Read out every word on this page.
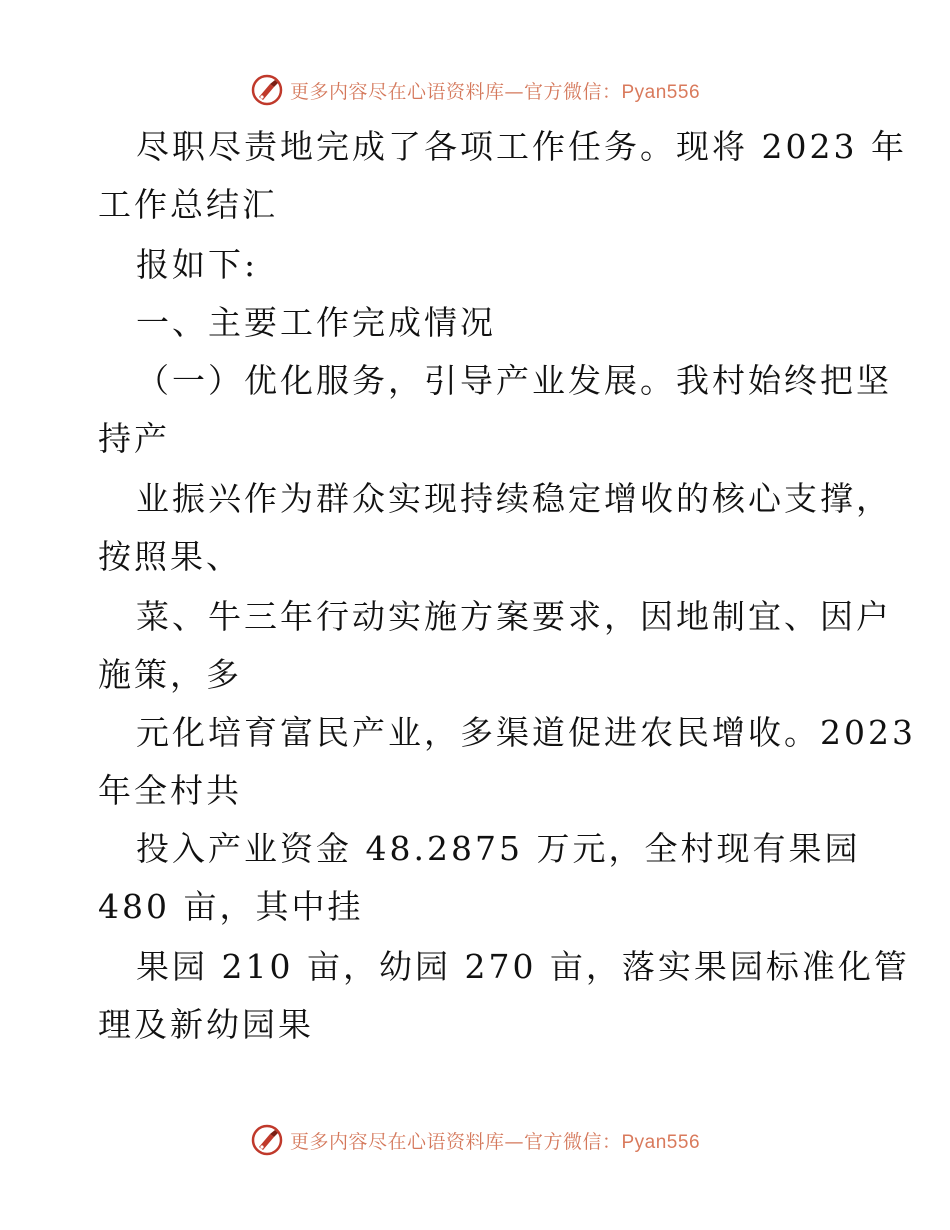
更多内容尽在心语资料库—官方微信：Pyan556
尽职尽责地完成了各项工作任务。现将 2023 年
工作总结汇
报如下:
一、主要工作完成情况
（一）优化服务，引导产业发展。我村始终把坚
持产
业振兴作为群众实现持续稳定增收的核心支撑，
按照果、
菜、牛三年行动实施方案要求，因地制宜、因户
施策，多
元化培育富民产业，多渠道促进农民增收。2023
年全村共
投入产业资金 48.2875 万元，全村现有果园
480 亩，其中挂
果园 210 亩，幼园 270 亩，落实果园标准化管
理及新幼园果
更多内容尽在心语资料库—官方微信：Pyan556
